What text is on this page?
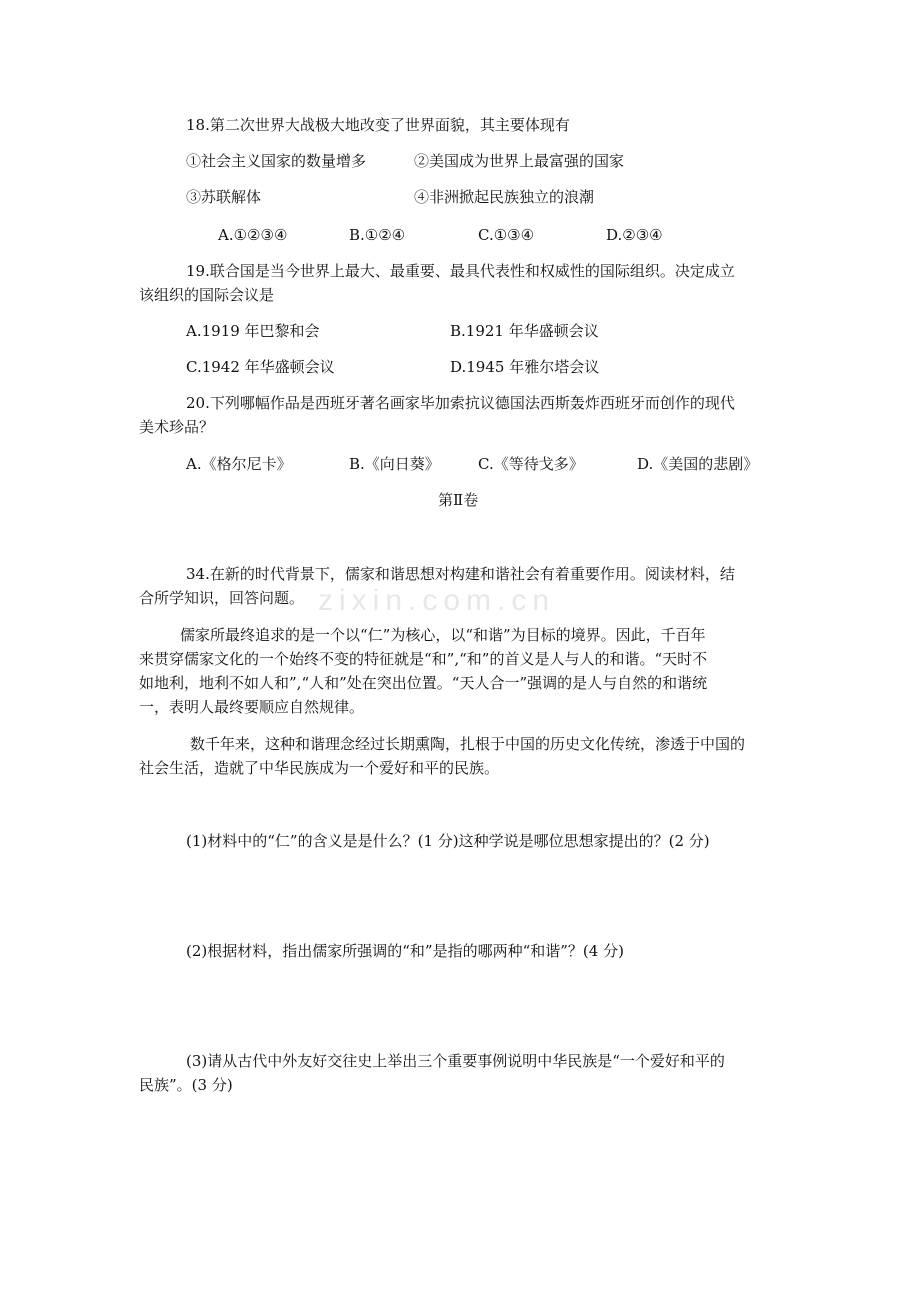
18.第二次世界大战极大地改变了世界面貌，其主要体现有
①社会主义国家的数量增多	②美国成为世界上最富强的国家
③苏联解体	④非洲掀起民族独立的浪潮
A.①②③④	B.①②④	C.①③④	D.②③④
19.联合国是当今世界上最大、最重要、最具代表性和权威性的国际组织。决定成立
该组织的国际会议是
A.1919 年巴黎和会	B.1921 年华盛顿会议
C.1942 年华盛顿会议	D.1945 年雅尔塔会议
20.下列哪幅作品是西班牙著名画家毕加索抗议德国法西斯轰炸西班牙而创作的现代
美术珍品？
A.《格尔尼卡》	B.《向日葵》	C.《等待戈多》	D.《美国的悲剧》
第Ⅱ卷
zixin.com.cn
34.在新的时代背景下，儒家和谐思想对构建和谐社会有着重要作用。阅读材料，结
合所学知识，回答问题。
儒家所最终追求的是一个以“仁”为核心，以“和谐”为目标的境界。因此，千百年
来贯穿儒家文化的一个始终不变的特征就是“和”,“和”的首义是人与人的和谐。“天时不
如地利，地利不如人和”,“人和”处在突出位置。“天人合一”强调的是人与自然的和谐统
一，表明人最终要顺应自然规律。
数千年来，这种和谐理念经过长期熏陶，扎根于中国的历史文化传统，渗透于中国的
社会生活，造就了中华民族成为一个爱好和平的民族。
(1)材料中的“仁”的含义是是什么？(1 分)这种学说是哪位思想家提出的？(2 分)
(2)根据材料，指出儒家所强调的“和”是指的哪两种“和谐”？(4 分)
(3)请从古代中外友好交往史上举出三个重要事例说明中华民族是“一个爱好和平的
民族”。(3 分)
